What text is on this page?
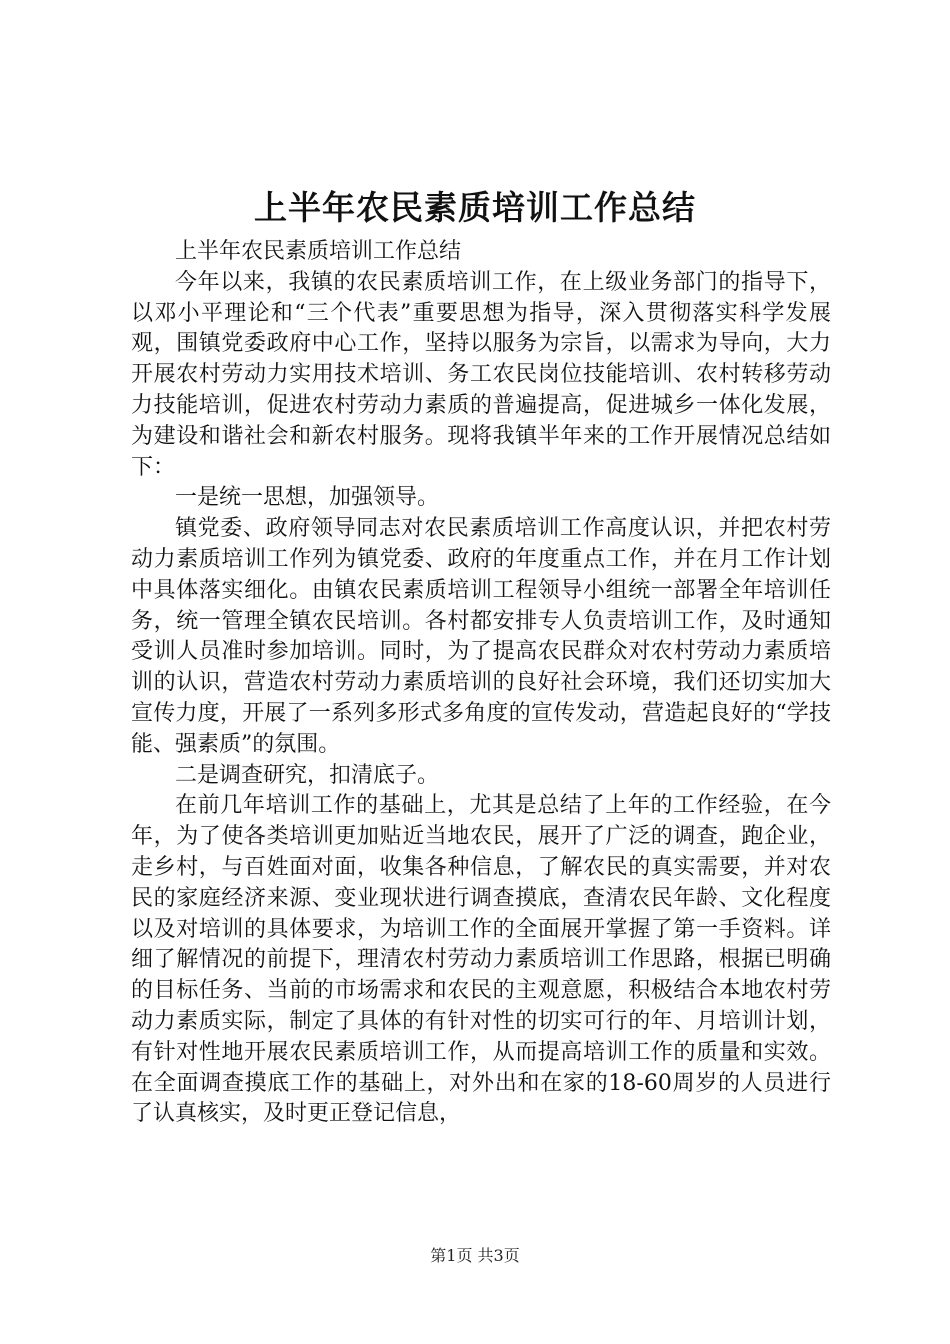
上半年农民素质培训工作总结

上半年农民素质培训工作总结

今年以来，我镇的农民素质培训工作，在上级业务部门的指导下，以邓小平理论和“三个代表”重要思想为指导，深入贯彻落实科学发展观，围镇党委政府中心工作，坚持以服务为宗旨，以需求为导向，大力开展农村劳动力实用技术培训、务工农民岗位技能培训、农村转移劳动力技能培训，促进农村劳动力素质的普遍提高，促进城乡一体化发展，为建设和谐社会和新农村服务。现将我镇半年来的工作开展情况总结如下：

一是统一思想，加强领导。

镇党委、政府领导同志对农民素质培训工作高度认识，并把农村劳动力素质培训工作列为镇党委、政府的年度重点工作，并在月工作计划中具体落实细化。由镇农民素质培训工程领导小组统一部署全年培训任务，统一管理全镇农民培训。各村都安排专人负责培训工作，及时通知受训人员准时参加培训。同时，为了提高农民群众对农村劳动力素质培训的认识，营造农村劳动力素质培训的良好社会环境，我们还切实加大宣传力度，开展了一系列多形式多角度的宣传发动，营造起良好的“学技能、强素质”的氛围。

二是调查研究，扣清底子。

在前几年培训工作的基础上，尤其是总结了上年的工作经验，在今年，为了使各类培训更加贴近当地农民，展开了广泛的调查，跑企业，走乡村，与百姓面对面，收集各种信息，了解农民的真实需要，并对农民的家庭经济来源、变业现状进行调查摸底，查清农民年龄、文化程度以及对培训的具体要求，为培训工作的全面展开掌握了第一手资料。详细了解情况的前提下，理清农村劳动力素质培训工作思路，根据已明确的目标任务、当前的市场需求和农民的主观意愿，积极结合本地农村劳动力素质实际，制定了具体的有针对性的切实可行的年、月培训计划，有针对性地开展农民素质培训工作，从而提高培训工作的质量和实效。在全面调查摸底工作的基础上，对外出和在家的18-60周岁的人员进行了认真核实，及时更正登记信息，

第1页 共3页
